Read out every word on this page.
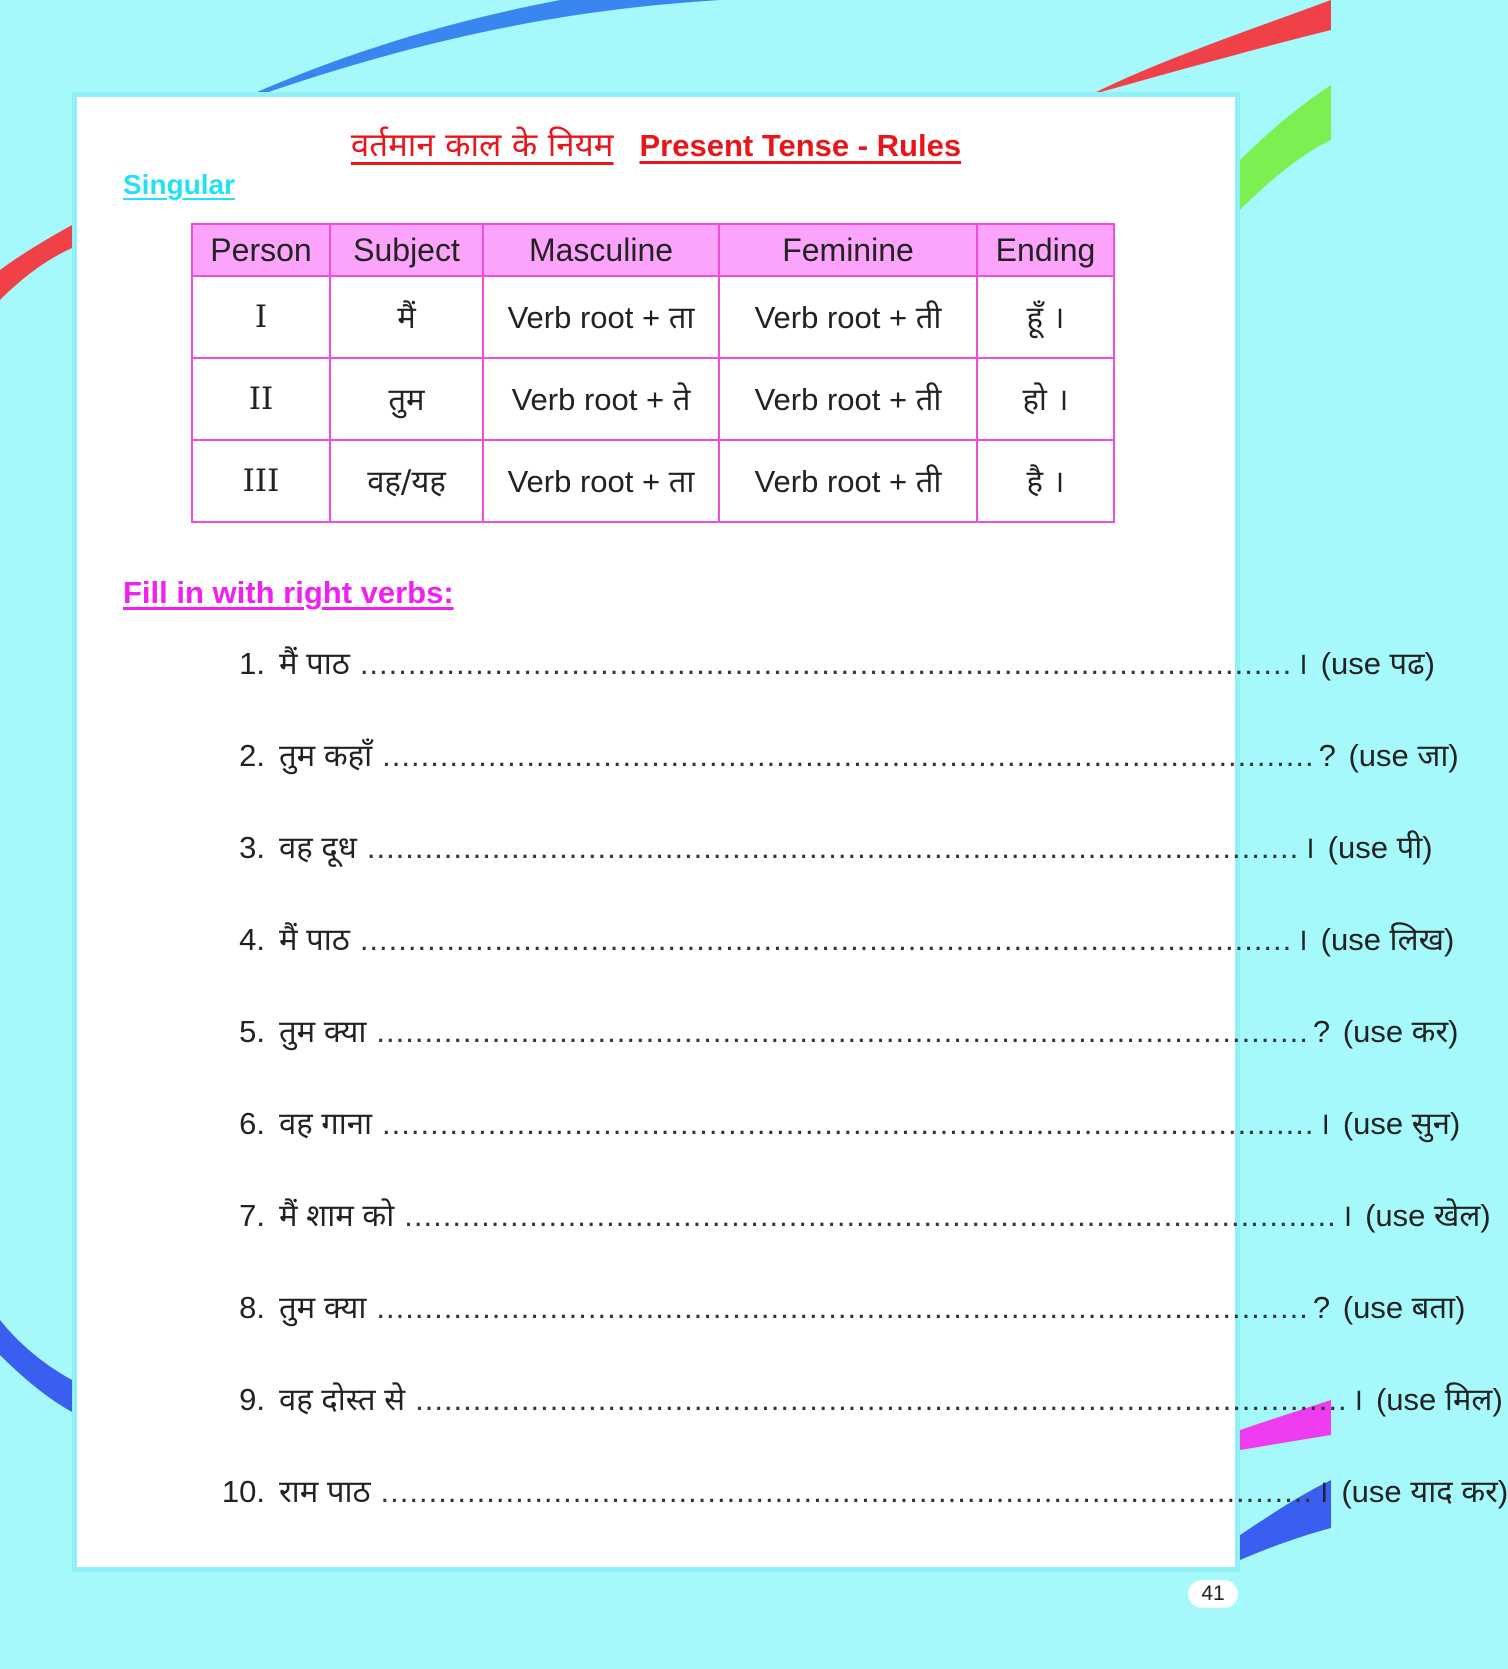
वर्तमान काल के नियम Present Tense - Rules
Singular
Person	Subject	Masculine	Feminine	Ending
I	मैं	Verb root + ता	Verb root + ती	हूँ ।
II	तुम	Verb root + ते	Verb root + ती	हो ।
III	वह/यह	Verb root + ता	Verb root + ती	है ।
Fill in with right verbs:
1. मैं पाठ ................................................................................................. ।
(use पढ)
2. तुम कहाँ ................................................................................................. ?
(use जा)
3. वह दूध ................................................................................................. ।
(use पी)
4. मैं पाठ ................................................................................................. ।
(use लिख)
5. तुम क्या ................................................................................................. ?
(use कर)
6. वह गाना ................................................................................................. ।
(use सुन)
7. मैं शाम को ................................................................................................. ।
(use खेल)
8. तुम क्या ................................................................................................. ?
(use बता)
9. वह दोस्त से ................................................................................................. ।
(use मिल)
10. राम पाठ ................................................................................................. ।
(use याद कर)
41
